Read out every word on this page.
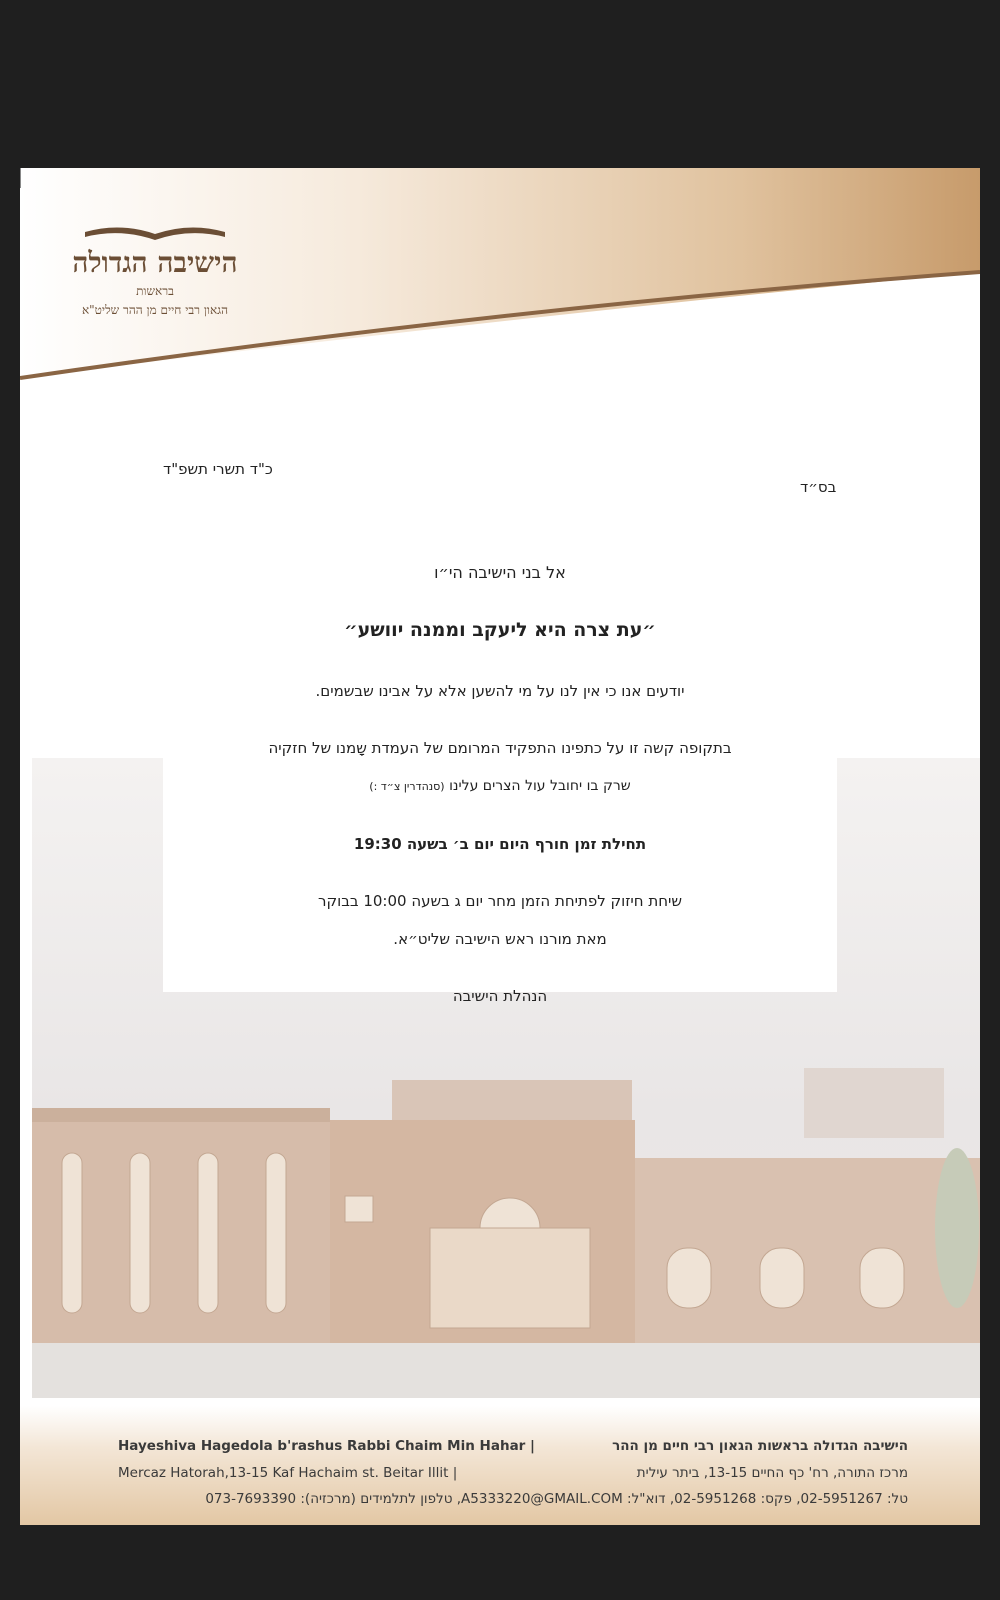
הישיבה הגדולה
בראשות
הגאון רבי חיים מן ההר שליט"א
כ"ד תשרי תשפ"ד
בס״ד
אל בני הישיבה הי״ו
״עת צרה היא ליעקב וממנה יוושע״
יודעים אנו כי אין לנו על מי להשען אלא על אבינו שבשמים.
בתקופה קשה זו על כתפינו התפקיד המרומם של העמדת שָמנו של חזקיה
שרק בו יחובל עול הצרים עלינו (סנהדרין צ״ד :)
תחילת זמן חורף היום יום ב׳ בשעה 19:30
שיחת חיזוק לפתיחת הזמן מחר יום ג בשעה 10:00 בבוקר
מאת מורנו ראש הישיבה שליט״א.
הנהלת הישיבה
Hayeshiva Hagedola b'rashus Rabbi Chaim Min Hahar |	הישיבה הגדולה בראשות הגאון רבי חיים מן ההר
Mercaz Hatorah,13-15 Kaf Hachaim st. Beitar Illit |	מרכז התורה, רח' כף החיים 13-15, ביתר עילית
טל: 02-5951267, פקס: 02-5951268, דוא"ל: A5333220@GMAIL.COM, טלפון לתלמידים (מרכזיה): 073-7693390
